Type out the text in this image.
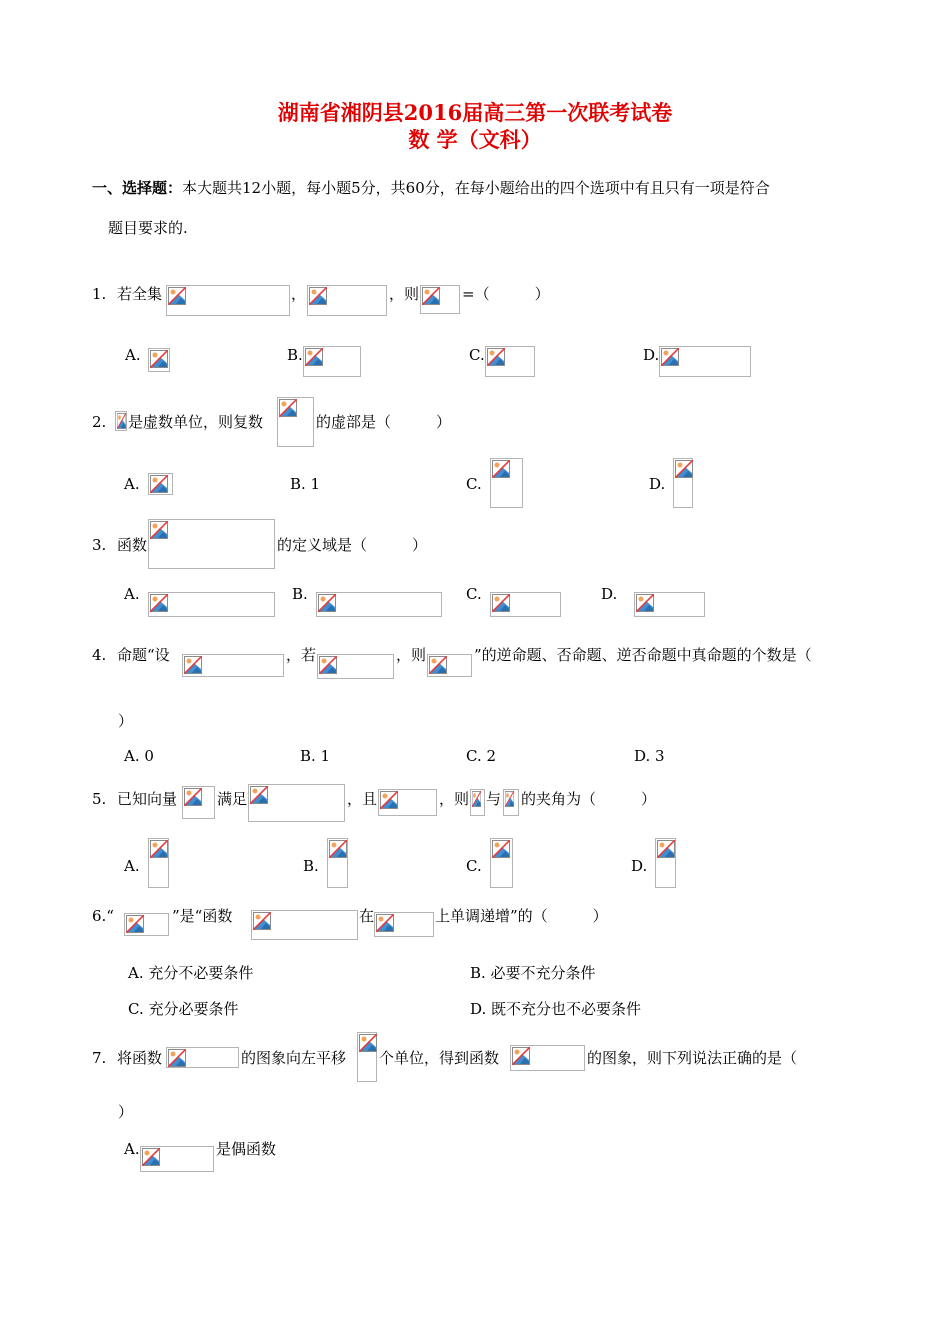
湖南省湘阴县2016届高三第一次联考试卷
数 学（文科）
一、选择题：本大题共12小题，每小题5分，共60分，在每小题给出的四个选项中有且只有一项是符合
题目要求的.
1. 若全集	，	，则	=（　　　）
A.	B.	C.	D.
2. 是虚数单位，则复数	的虚部是（　　　）
A.	B. 1	C.	D.
3. 函数	的定义域是（　　　）
A.	B.	C.	D.
4. 命题“设	，若	，则	”的逆命题、否命题、逆否命题中真命题的个数是（
）
A. 0	B. 1	C. 2	D. 3
5. 已知向量	满足	，且	，则 与 的夹角为（　　　）
A.	B.	C.	D.
6.“	”是“函数	在	上单调递增”的（　　　）
A. 充分不必要条件	B. 必要不充分条件
C. 充分必要条件	D. 既不充分也不必要条件
7. 将函数	的图象向左平移 个单位，得到函数	的图象，则下列说法正确的是（
）
A.	是偶函数
